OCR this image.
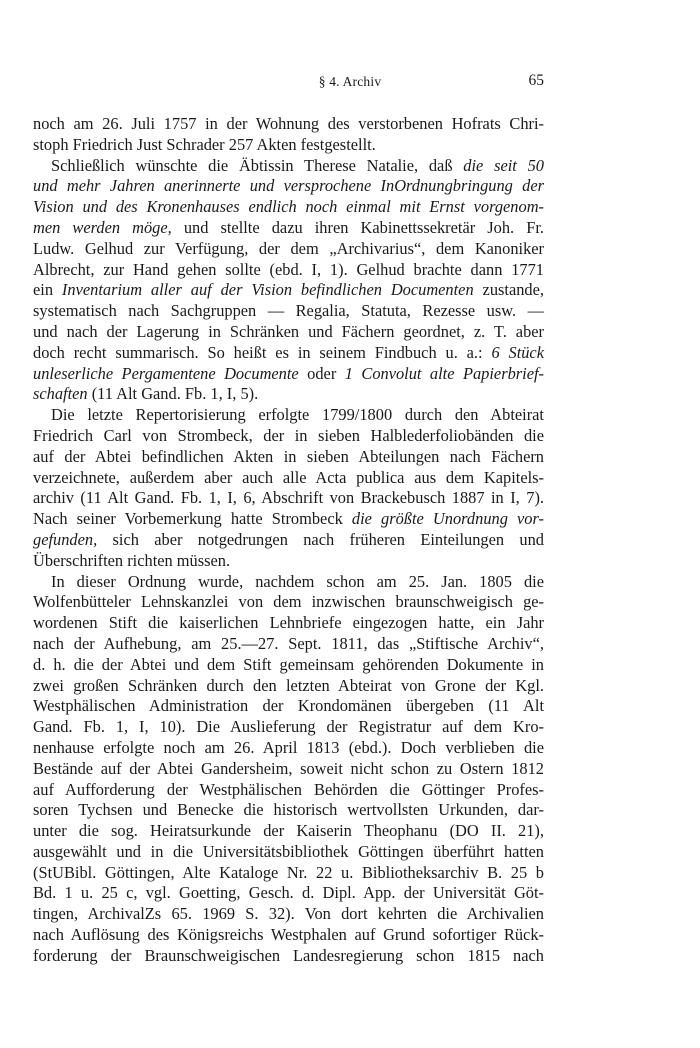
§ 4. Archiv	65
noch am 26. Juli 1757 in der Wohnung des verstorbenen Hofrats Chri-
stoph Friedrich Just Schrader 257 Akten festgestellt.
Schließlich wünschte die Äbtissin Therese Natalie, daß die seit 50
und mehr Jahren anerinnerte und versprochene InOrdnungbringung der
Vision und des Kronenhauses endlich noch einmal mit Ernst vorgenom-
men werden möge, und stellte dazu ihren Kabinettssekretär Joh. Fr.
Ludw. Gelhud zur Verfügung, der dem „Archivarius“, dem Kanoniker
Albrecht, zur Hand gehen sollte (ebd. I, 1). Gelhud brachte dann 1771
ein Inventarium aller auf der Vision befindlichen Documenten zustande,
systematisch nach Sachgruppen — Regalia, Statuta, Rezesse usw. —
und nach der Lagerung in Schränken und Fächern geordnet, z. T. aber
doch recht summarisch. So heißt es in seinem Findbuch u. a.: 6 Stück
unleserliche Pergamentene Documente oder 1 Convolut alte Papierbrief-
schaften (11 Alt Gand. Fb. 1, I, 5).
Die letzte Repertorisierung erfolgte 1799/1800 durch den Abteirat
Friedrich Carl von Strombeck, der in sieben Halblederfoliobänden die
auf der Abtei befindlichen Akten in sieben Abteilungen nach Fächern
verzeichnete, außerdem aber auch alle Acta publica aus dem Kapitels-
archiv (11 Alt Gand. Fb. 1, I, 6, Abschrift von Brackebusch 1887 in I, 7).
Nach seiner Vorbemerkung hatte Strombeck die größte Unordnung vor-
gefunden, sich aber notgedrungen nach früheren Einteilungen und
Überschriften richten müssen.
In dieser Ordnung wurde, nachdem schon am 25. Jan. 1805 die
Wolfenbütteler Lehnskanzlei von dem inzwischen braunschweigisch ge-
wordenen Stift die kaiserlichen Lehnbriefe eingezogen hatte, ein Jahr
nach der Aufhebung, am 25.—27. Sept. 1811, das „Stiftische Archiv“,
d. h. die der Abtei und dem Stift gemeinsam gehörenden Dokumente in
zwei großen Schränken durch den letzten Abteirat von Grone der Kgl.
Westphälischen Administration der Krondomänen übergeben (11 Alt
Gand. Fb. 1, I, 10). Die Auslieferung der Registratur auf dem Kro-
nenhause erfolgte noch am 26. April 1813 (ebd.). Doch verblieben die
Bestände auf der Abtei Gandersheim, soweit nicht schon zu Ostern 1812
auf Aufforderung der Westphälischen Behörden die Göttinger Profes-
soren Tychsen und Benecke die historisch wertvollsten Urkunden, dar-
unter die sog. Heiratsurkunde der Kaiserin Theophanu (DO II. 21),
ausgewählt und in die Universitätsbibliothek Göttingen überführt hatten
(StUBibl. Göttingen, Alte Kataloge Nr. 22 u. Bibliotheksarchiv B. 25 b
Bd. 1 u. 25 c, vgl. Goetting, Gesch. d. Dipl. App. der Universität Göt-
tingen, ArchivalZs 65. 1969 S. 32). Von dort kehrten die Archivalien
nach Auflösung des Königsreichs Westphalen auf Grund sofortiger Rück-
forderung der Braunschweigischen Landesregierung schon 1815 nach
